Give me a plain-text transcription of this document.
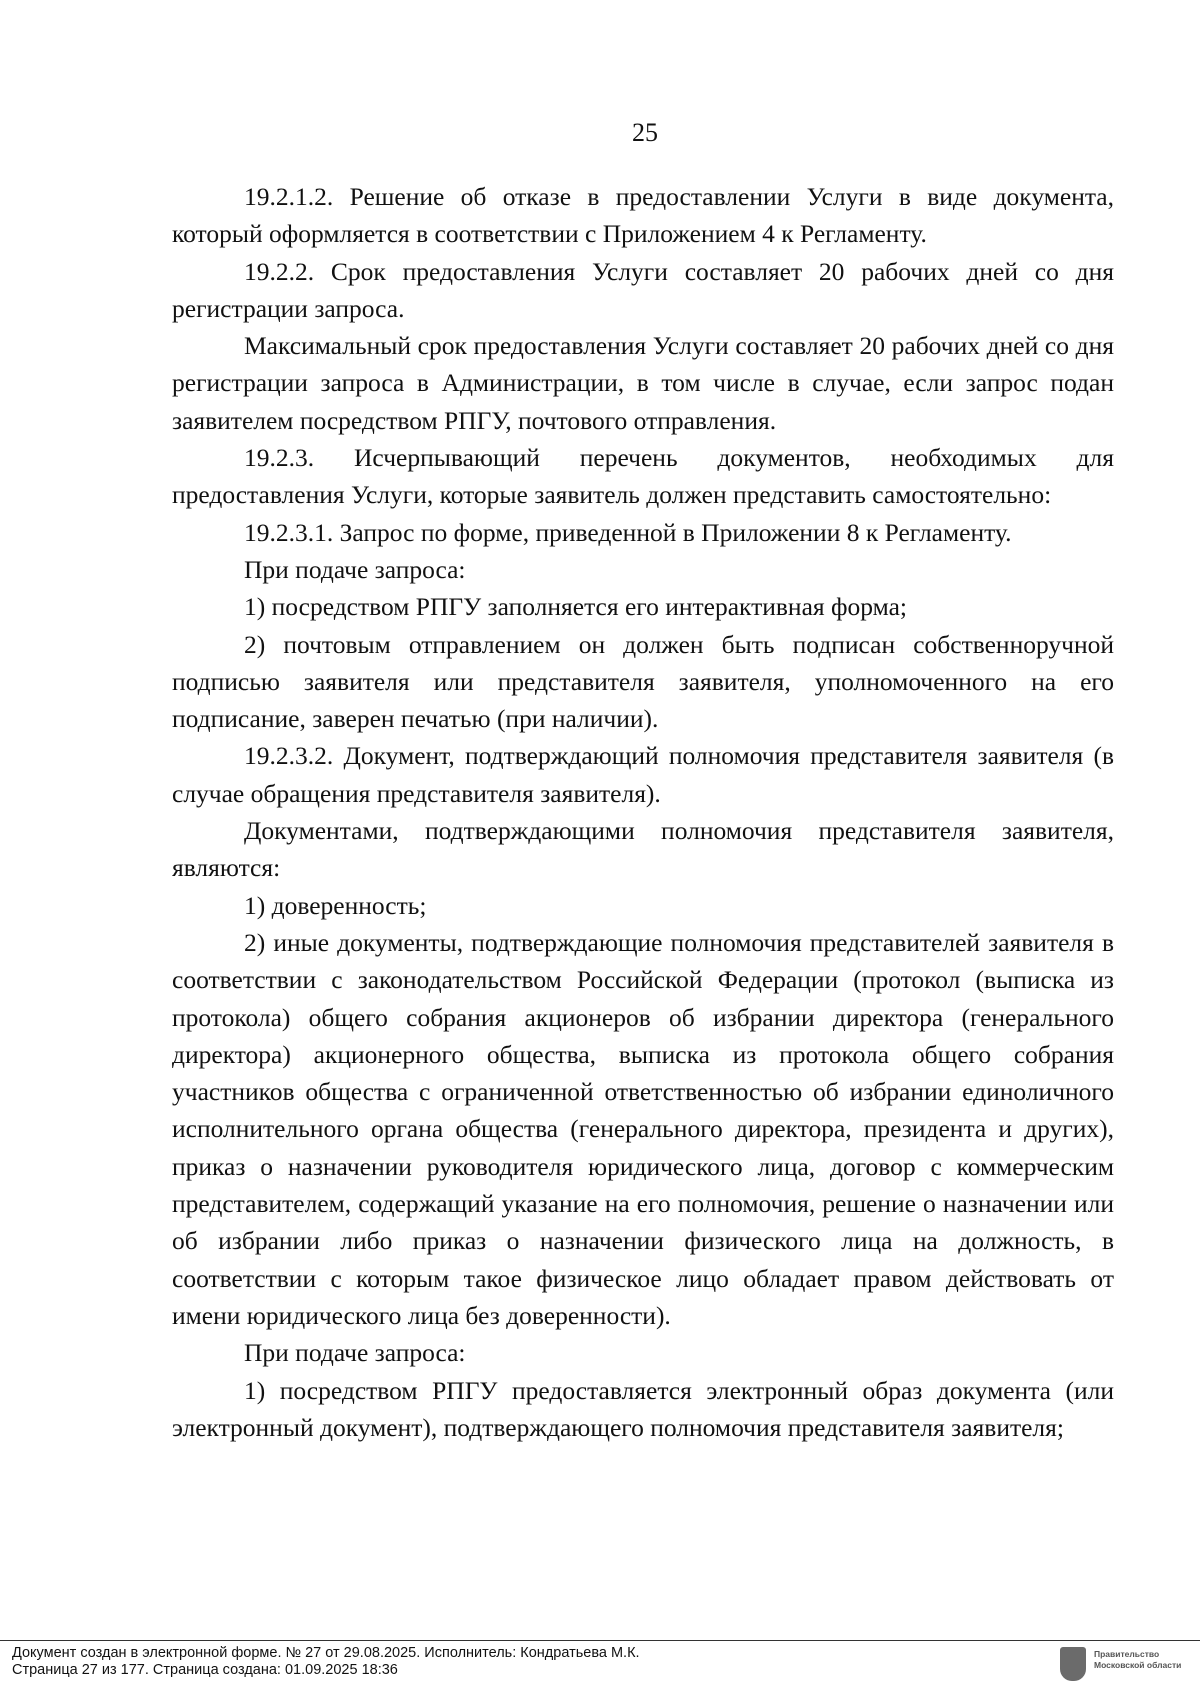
25

19.2.1.2. Решение об отказе в предоставлении Услуги в виде документа, который оформляется в соответствии с Приложением 4 к Регламенту.

19.2.2. Срок предоставления Услуги составляет 20 рабочих дней со дня регистрации запроса.

Максимальный срок предоставления Услуги составляет 20 рабочих дней со дня регистрации запроса в Администрации, в том числе в случае, если запрос подан заявителем посредством РПГУ, почтового отправления.

19.2.3. Исчерпывающий перечень документов, необходимых для предоставления Услуги, которые заявитель должен представить самостоятельно:

19.2.3.1. Запрос по форме, приведенной в Приложении 8 к Регламенту.

При подаче запроса:

1) посредством РПГУ заполняется его интерактивная форма;

2) почтовым отправлением он должен быть подписан собственноручной подписью заявителя или представителя заявителя, уполномоченного на его подписание, заверен печатью (при наличии).

19.2.3.2. Документ, подтверждающий полномочия представителя заявителя (в случае обращения представителя заявителя).

Документами, подтверждающими полномочия представителя заявителя, являются:

1) доверенность;

2) иные документы, подтверждающие полномочия представителей заявителя в соответствии с законодательством Российской Федерации (протокол (выписка из протокола) общего собрания акционеров об избрании директора (генерального директора) акционерного общества, выписка из протокола общего собрания участников общества с ограниченной ответственностью об избрании единоличного исполнительного органа общества (генерального директора, президента и других), приказ о назначении руководителя юридического лица, договор с коммерческим представителем, содержащий указание на его полномочия, решение о назначении или об избрании либо приказ о назначении физического лица на должность, в соответствии с которым такое физическое лицо обладает правом действовать от имени юридического лица без доверенности).

При подаче запроса:

1) посредством РПГУ предоставляется электронный образ документа (или электронный документ), подтверждающего полномочия представителя заявителя;

Документ создан в электронной форме. № 27 от 29.08.2025. Исполнитель: Кондратьева М.К.
Страница 27 из 177. Страница создана: 01.09.2025 18:36
Правительство Московской области
